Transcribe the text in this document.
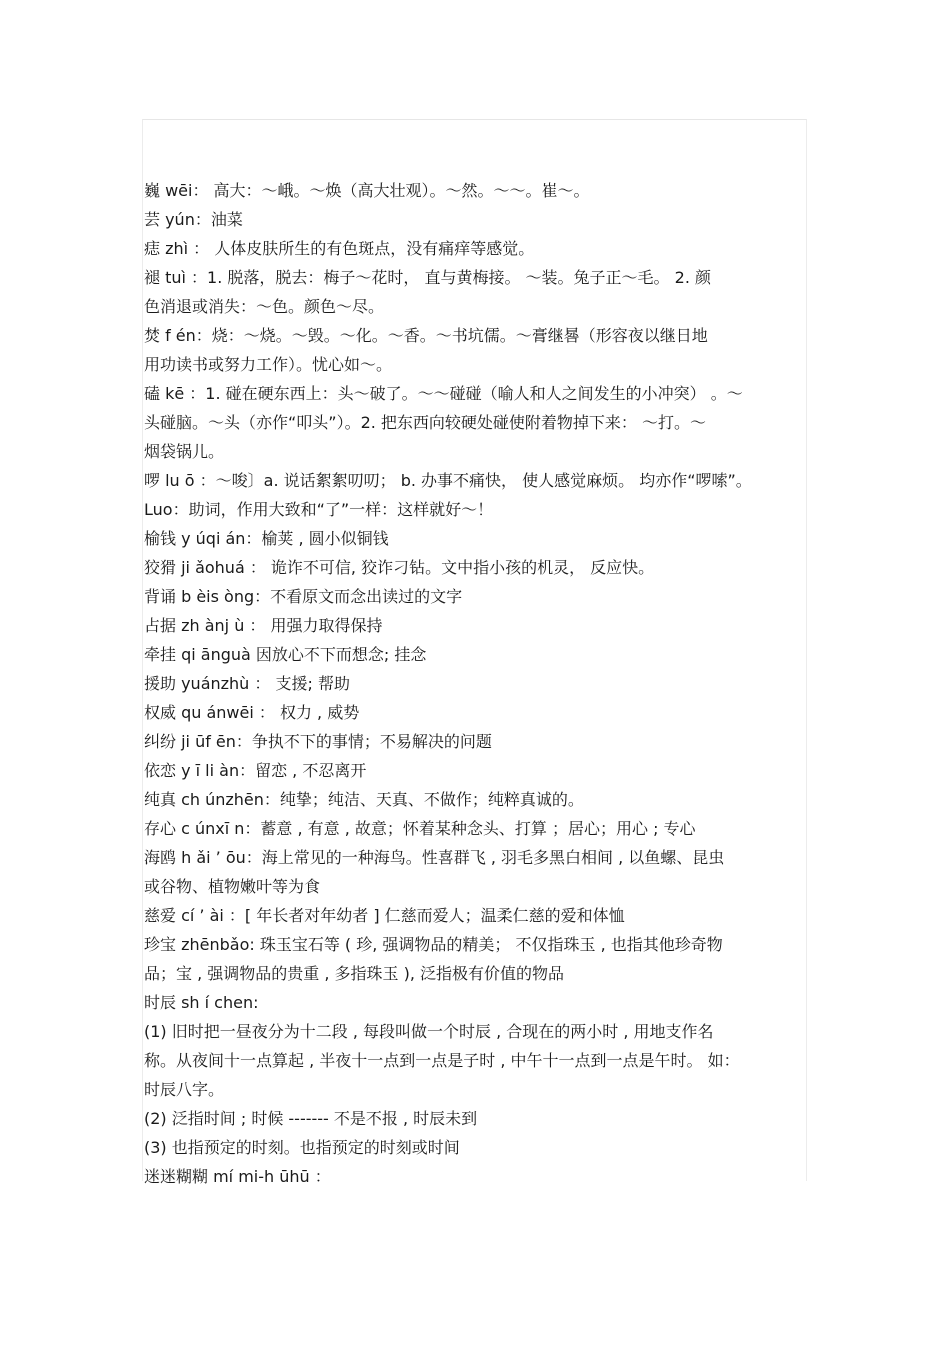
巍 wēi： 高大：～峨。～焕（高大壮观）。～然。～～。崔～。
芸 yún：油菜
痣 zhì ： 人体皮肤所生的有色斑点，没有痛痒等感觉。
褪 tuì ：1. 脱落，脱去：梅子～花时， 直与黄梅接。 ～装。兔子正～毛。 2. 颜
色消退或消失：～色。颜色～尽。
焚 f én：烧：～烧。～毁。～化。～香。～书坑儒。～膏继晷（形容夜以继日地
用功读书或努力工作）。忧心如～。
磕 kē ：1. 碰在硬东西上：头～破了。～～碰碰（喻人和人之间发生的小冲突） 。～
头碰脑。～头（亦作“叩头”）。2. 把东西向较硬处碰使附着物掉下来： ～打。～
烟袋锅儿。
啰 lu ō ：～唆〕a. 说话絮絮叨叨； b. 办事不痛快， 使人感觉麻烦。 均亦作“啰嗦”。
Luo：助词，作用大致和“了”一样：这样就好～！
榆钱 y úqi án：榆荚 , 圆小似铜钱
狡猾 ji ǎohuá ： 诡诈不可信, 狡诈刁钻。文中指小孩的机灵， 反应快。
背诵 b èis òng：不看原文而念出读过的文字
占据 zh ànj ù ： 用强力取得保持
牵挂 qi ānguà 因放心不下而想念; 挂念
援助 yuánzhù ： 支援; 帮助
权威 qu ánwēi ： 权力 , 威势
纠纷 ji ūf ēn：争执不下的事情；不易解决的问题
依恋 y ī li àn：留恋 , 不忍离开
纯真 ch únzhēn：纯挚；纯洁、天真、不做作；纯粹真诚的。
存心 c únxī n：蓄意 , 有意 , 故意；怀着某种念头、打算 ；居心；用心 ; 专心
海鸥 h ǎi ’ ōu：海上常见的一种海鸟。性喜群飞 , 羽毛多黑白相间 , 以鱼螺、昆虫
或谷物、植物嫩叶等为食
慈爱 cí ’ ài ：[ 年长者对年幼者 ] 仁慈而爱人；温柔仁慈的爱和体恤
珍宝 zhēnbǎo: 珠玉宝石等 ( 珍, 强调物品的精美； 不仅指珠玉 , 也指其他珍奇物
品；宝 , 强调物品的贵重 , 多指珠玉 ), 泛指极有价值的物品
时辰 sh í chen:
(1) 旧时把一昼夜分为十二段 , 每段叫做一个时辰 , 合现在的两小时 , 用地支作名
称。从夜间十一点算起 , 半夜十一点到一点是子时 , 中午十一点到一点是午时。 如：
时辰八字。
(2) 泛指时间 ; 时候 ------- 不是不报 , 时辰未到
(3) 也指预定的时刻。也指预定的时刻或时间
迷迷糊糊 mí mi-h ūhū ：
